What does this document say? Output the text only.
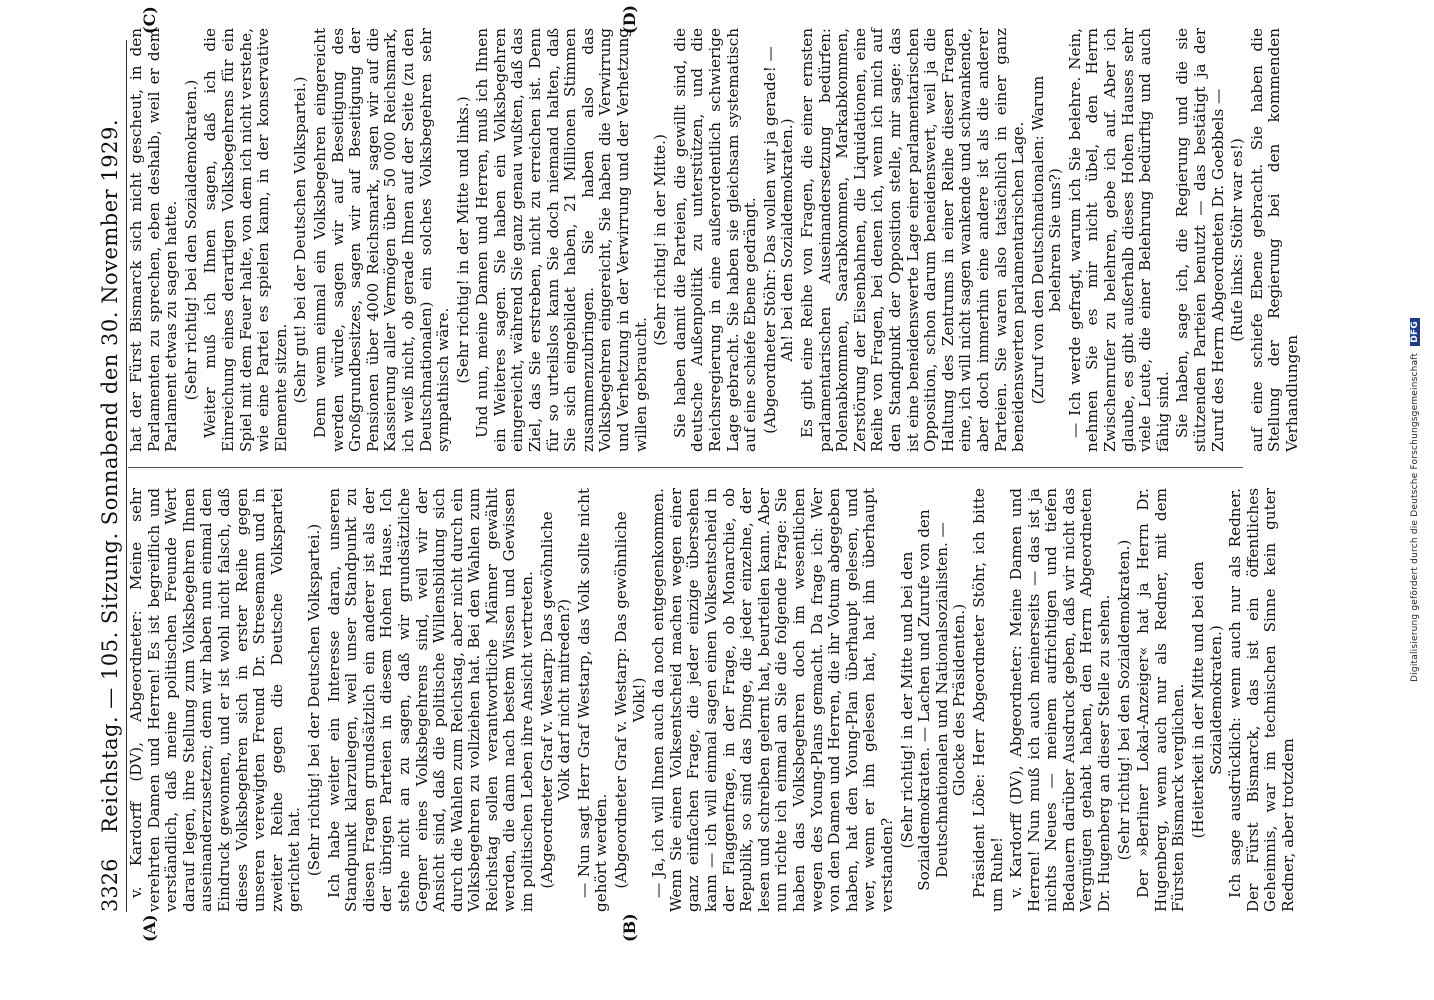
3326
Reichstag. — 105. Sitzung. Sonnabend den 30. November 1929.
(A)	(B)
(C)	(D)

v. Kardorff (DV), Abgeordneter: Meine sehr verehrten Damen und Herren! Es ist begreiflich und verständlich, daß meine politischen Freunde Wert darauf legen, ihre Stellung zum Volksbegehren Ihnen auseinanderzusetzen; denn wir haben nun einmal den Eindruck gewonnen, und er ist wohl nicht falsch, daß dieses Volksbegehren sich in erster Reihe gegen unseren verewigten Freund Dr. Stresemann und in zweiter Reihe gegen die Deutsche Volkspartei gerichtet hat. (Sehr richtig! bei der Deutschen Volkspartei.) Ich habe weiter ein Interesse daran, unseren Standpunkt klarzulegen, weil unser Standpunkt zu diesen Fragen grundsätzlich ein anderer ist als der der übrigen Parteien in diesem Hohen Hause. Ich stehe nicht an zu sagen, daß wir grundsätzliche Gegner eines Volksbegehrens sind, weil wir der Ansicht sind, daß die politische Willensbildung sich durch die Wahlen zum Reichstag, aber nicht durch ein Volksbegehren zu vollziehen hat. Bei den Wahlen zum Reichstag sollen verantwortliche Männer gewählt werden, die dann nach bestem Wissen und Gewissen im politischen Leben ihre Ansicht vertreten. (Abgeordneter Graf v. Westarp: Das gewöhnliche Volk darf nicht mitreden?) — Nun sagt Herr Graf Westarp, das Volk sollte nicht gehört werden. (Abgeordneter Graf v. Westarp: Das gewöhnliche Volk!) — Ja, ich will Ihnen auch da noch entgegenkommen. Wenn Sie einen Volksentscheid machen wegen einer ganz einfachen Frage, die jeder einzige übersehen kann — ich will einmal sagen einen Volksentscheid in der Flaggenfrage, in der Frage, ob Monarchie, ob Republik, so sind das Dinge, die jeder einzelne, der lesen und schreiben gelernt hat, beurteilen kann. Aber nun richte ich einmal an Sie die folgende Frage: Sie haben das Volksbegehren doch im wesentlichen wegen des Young-Plans gemacht. Da frage ich: Wer von den Damen und Herren, die ihr Votum abgegeben haben, hat den Young-Plan überhaupt gelesen, und wer, wenn er ihn gelesen hat, hat ihn überhaupt verstanden?

(Sehr richtig! in der Mitte und bei den Sozialdemokraten. — Lachen und Zurufe von den Deutschnationalen und Nationalsozialisten. — Glocke des Präsidenten.) Präsident Löbe: Herr Abgeordneter Stöhr, ich bitte um Ruhe! v. Kardorff (DV), Abgeordneter: Meine Damen und Herren! Nun muß ich auch meinerseits — das ist ja nichts Neues — meinem aufrichtigen und tiefen Bedauern darüber Ausdruck geben, daß wir nicht das Vergnügen gehabt haben, den Herrn Abgeordneten Dr. Hugenberg an dieser Stelle zu sehen. (Sehr richtig! bei den Sozialdemokraten.) Der »Berliner Lokal-Anzeiger« hat ja Herrn Dr. Hugenberg, wenn auch nur als Redner, mit dem Fürsten Bismarck verglichen. (Heiterkeit in der Mitte und bei den Sozialdemokraten.) Ich sage ausdrücklich: wenn auch nur als Redner. Der Fürst Bismarck, das ist ein öffentliches Geheimnis, war im technischen Sinne kein guter Redner, aber trotzdem

hat der Fürst Bismarck sich nicht gescheut, in den Parlamenten zu sprechen, eben deshalb, weil er dem Parlament etwas zu sagen hatte. (Sehr richtig! bei den Sozialdemokraten.) Weiter muß ich Ihnen sagen, daß ich die Einreichung eines derartigen Volksbegehrens für ein Spiel mit dem Feuer halte, von dem ich nicht verstehe, wie eine Partei es spielen kann, in der konservative Elemente sitzen. (Sehr gut! bei der Deutschen Volkspartei.) Denn wenn einmal ein Volksbegehren eingereicht werden würde, sagen wir auf Beseitigung des Großgrundbesitzes, sagen wir auf Beseitigung der Pensionen über 4000 Reichsmark, sagen wir auf die Kassierung aller Vermögen über 50 000 Reichsmark, ich weiß nicht, ob gerade Ihnen auf der Seite (zu den Deutschnationalen) ein solches Volksbegehren sehr sympathisch wäre. (Sehr richtig! in der Mitte und links.) Und nun, meine Damen und Herren, muß ich Ihnen ein Weiteres sagen. Sie haben ein Volksbegehren eingereicht, während Sie ganz genau wußten, daß das Ziel, das Sie erstreben, nicht zu erreichen ist. Denn für so urteilslos kann Sie doch niemand halten, daß Sie sich eingebildet haben, 21 Millionen Stimmen zusammenzubringen. Sie haben also das Volksbegehren eingereicht, Sie haben die Verwirrung und Verhetzung in der Verwirrung und der Verhetzung willen gebraucht.

(Sehr richtig! in der Mitte.) Sie haben damit die Parteien, die gewillt sind, die deutsche Außenpolitik zu unterstützen, und die Reichsregierung in eine außerordentlich schwierige Lage gebracht. Sie haben sie gleichsam systematisch auf eine schiefe Ebene gedrängt. (Abgeordneter Stöhr: Das wollen wir ja gerade! — Ah! bei den Sozialdemokraten.) Es gibt eine Reihe von Fragen, die einer ernsten parlamentarischen Auseinandersetzung bedürfen: Polenabkommen, Saarabkommen, Markabkommen, Zerstörung der Eisenbahnen, die Liquidationen, eine Reihe von Fragen, bei denen ich, wenn ich mich auf den Standpunkt der Opposition stelle, mir sage: das ist eine beneidenswerte Lage einer parlamentarischen Opposition, schon darum beneidenswert, weil ja die Haltung des Zentrums in einer Reihe dieser Fragen eine, ich will nicht sagen wankende und schwankende, aber doch immerhin eine andere ist als die anderer Parteien. Sie waren also tatsächlich in einer ganz beneidenswerten parlamentarischen Lage. (Zuruf von den Deutschnationalen: Warum belehren Sie uns?) — Ich werde gefragt, warum ich Sie belehre. Nein, nehmen Sie es mir nicht übel, den Herrn Zwischenrufer zu belehren, gebe ich auf. Aber ich glaube, es gibt außerhalb dieses Hohen Hauses sehr viele Leute, die einer Belehrung bedürftig und auch fähig sind. Sie haben, sage ich, die Regierung und die sie stützenden Parteien benutzt — das bestätigt ja der Zuruf des Herrn Abgeordneten Dr. Goebbels — (Rufe links: Stöhr war es!) auf eine schiefe Ebene gebracht. Sie haben die Stellung der Regierung bei den kommenden Verhandlungen	Digitalisierung gefördert durch die Deutsche Forschungsgemeinschaft DFG
